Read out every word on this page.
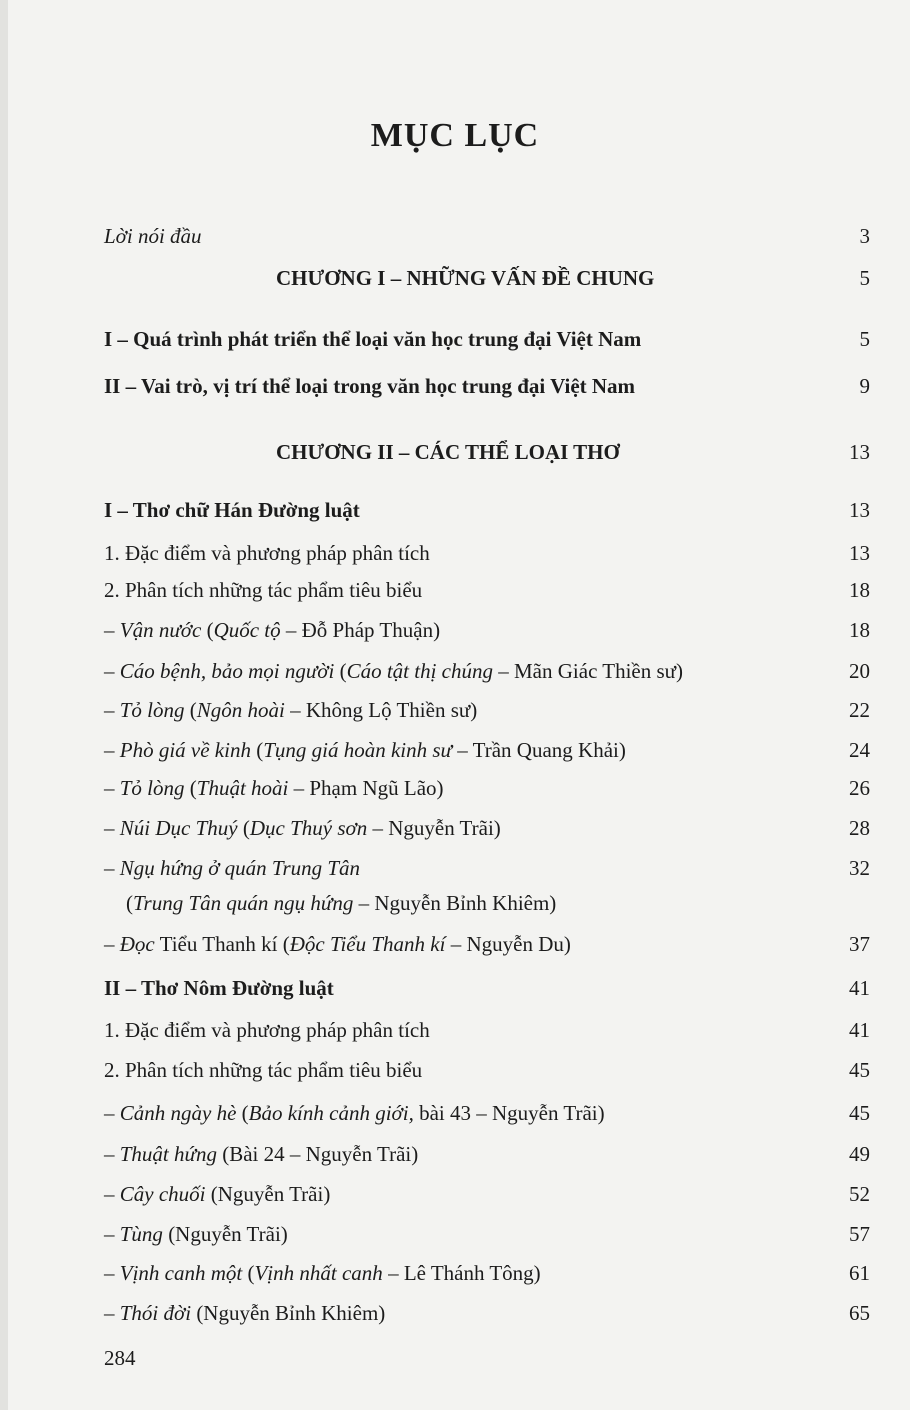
MỤC LỤC
Lời nói đầu	3
CHƯƠNG I – NHỮNG VẤN ĐỀ CHUNG	5
I – Quá trình phát triển thể loại văn học trung đại Việt Nam	5
II – Vai trò, vị trí thể loại trong văn học trung đại Việt Nam	9
CHƯƠNG II – CÁC THỂ LOẠI THƠ	13
I – Thơ chữ Hán Đường luật	13
1. Đặc điểm và phương pháp phân tích	13
2. Phân tích những tác phẩm tiêu biểu	18
– Vận nước (Quốc tộ – Đỗ Pháp Thuận)	18
– Cáo bệnh, bảo mọi người (Cáo tật thị chúng – Mãn Giác Thiền sư)	20
– Tỏ lòng (Ngôn hoài – Không Lộ Thiền sư)	22
– Phò giá về kinh (Tụng giá hoàn kinh sư – Trần Quang Khải)	24
– Tỏ lòng (Thuật hoài – Phạm Ngũ Lão)	26
– Núi Dục Thuý (Dục Thuý sơn – Nguyễn Trãi)	28
– Ngụ hứng ở quán Trung Tân	32
(Trung Tân quán ngụ hứng – Nguyễn Bỉnh Khiêm)
– Đọc Tiểu Thanh kí (Độc Tiểu Thanh kí – Nguyễn Du)	37
II – Thơ Nôm Đường luật	41
1. Đặc điểm và phương pháp phân tích	41
2. Phân tích những tác phẩm tiêu biểu	45
– Cảnh ngày hè (Bảo kính cảnh giới, bài 43 – Nguyễn Trãi)	45
– Thuật hứng (Bài 24 – Nguyễn Trãi)	49
– Cây chuối (Nguyễn Trãi)	52
– Tùng (Nguyễn Trãi)	57
– Vịnh canh một (Vịnh nhất canh – Lê Thánh Tông)	61
– Thói đời (Nguyễn Bỉnh Khiêm)	65
284
